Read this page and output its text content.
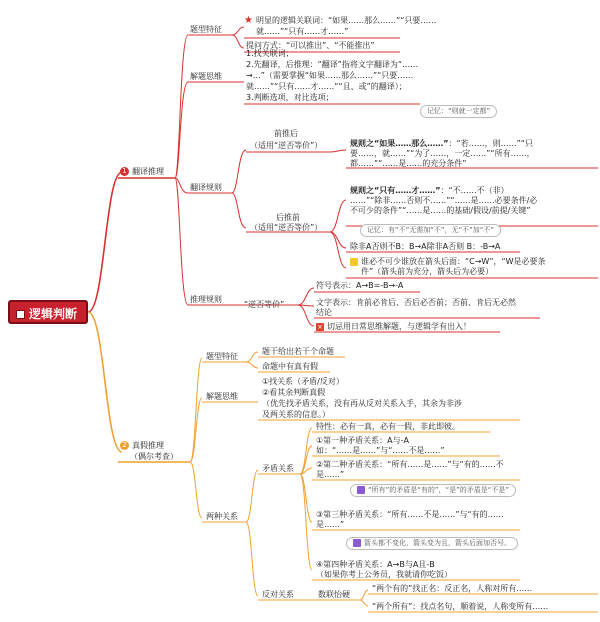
逻辑判断
1 翻译推理
题型特征
★ 明显的逻辑关联词：“如果……那么……”“只要……
就……”“只有……才……”
提问方式：“可以推出”、“不能推出”
解题思维
1.找关联词；
2.先翻译，后推理：“翻译”指将文字翻译为“……
→…”（需要掌握“如果……那么……”“只要……
就……”“只有……才……”“且、或”的翻译）；
3.判断选项，对比选项；
翻译规则
前推后
（适用“逆否等价”）
记忆：“则就一定都”
规则之“如果……那么……”：“若……，则……”“只
要……，就……”“为了……，一定……”“所有……，
都……”“……是……的充分条件”
后推前
（适用“逆否等价”）
规则之“只有……才……”：“不……不（非）
……”“除非……否则不……”“……是……必要条件/必
不可少的条件”“……是……的基础/假设/前提/关键”
记忆：有“不”无需加“不”，无“不”加“不”
除非A否则不B：B→A除非A否则 B：-B→A
谁必不可少谁放在箭头后面：“C→W”，“W是必要条
件”（箭头前为充分，箭头后为必要）
推理规则
“逆否等价”
符号表示：A→B=-B→-A
文字表示：肯前必肯后、否后必否前；否前、肯后无必然
结论
× 切忌用日常思维解题，与逻辑学有出入！
2 真假推理
（偶尔考查）
题型特征
题干给出若干个命题
命题中有真有假
解题思维
①找关系（矛盾/反对）
②看其余判断真假
（优先找矛盾关系，没有再从反对关系入手，其余为非涉
及两关系的信息。）
两种关系
矛盾关系
特性：必有一真，必有一假，非此即彼。
①第一种矛盾关系：A与-A
如：“……是……”与“……不是……”
②第二种矛盾关系：“所有……是……”与“有的……不
是……”
“所有”的矛盾是“有的”，“是”的矛盾是“不是”
③第三种矛盾关系：“所有……不是……”与“有的……
是……”
箭头都不变化，箭头变为且，箭头后面加否号。
④第四种矛盾关系：A→B与A且-B
（如果你考上公务员，我就请你吃饭）
反对关系	数联怡硬
“两个有的”找正名：反正名，人称对所有……
“两个所有”：找点名句，顺着说，人称变所有……
